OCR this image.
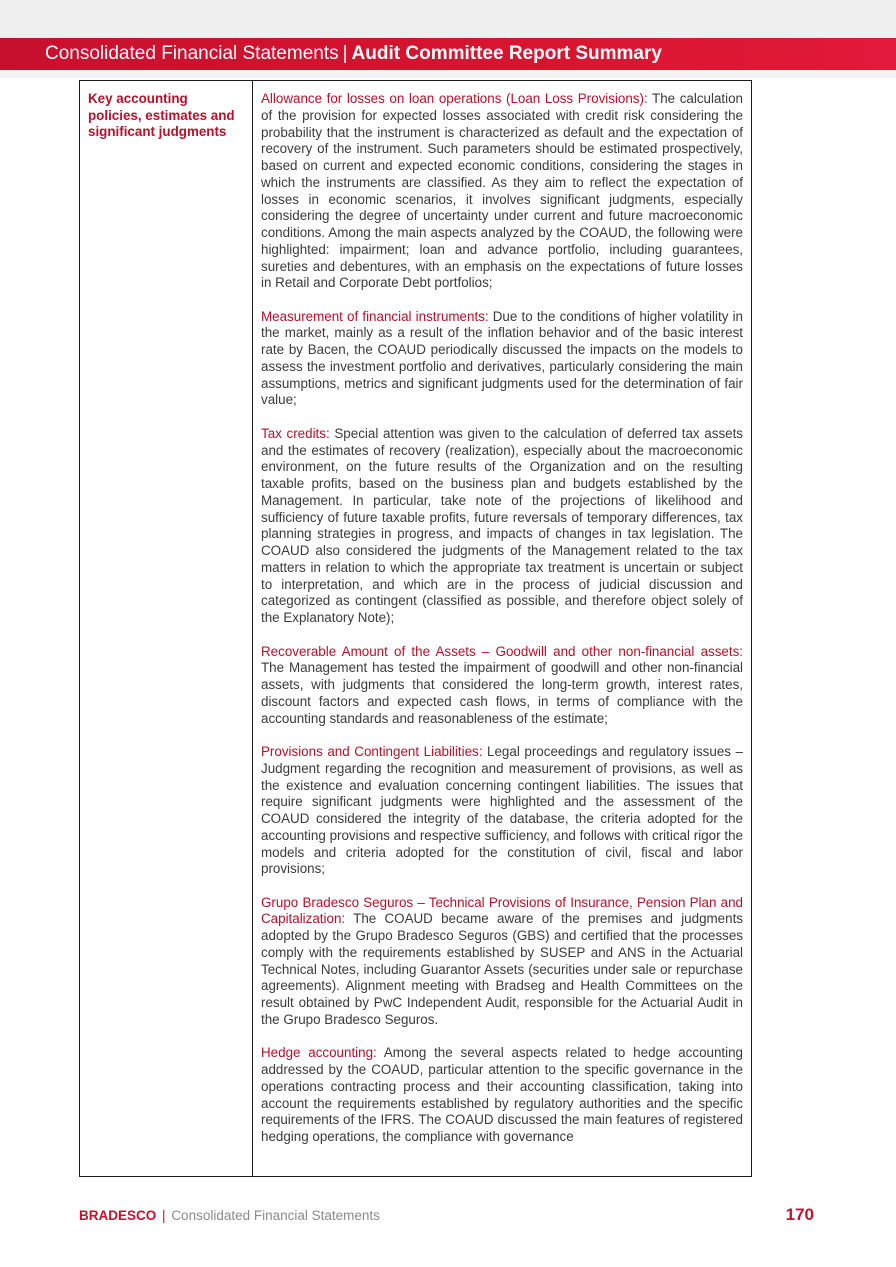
Consolidated Financial Statements | Audit Committee Report Summary
Key accounting policies, estimates and significant judgments

Allowance for losses on loan operations (Loan Loss Provisions): The calculation of the provision for expected losses associated with credit risk considering the probability that the instrument is characterized as default and the expectation of recovery of the instrument. Such parameters should be estimated prospectively, based on current and expected economic conditions, considering the stages in which the instruments are classified. As they aim to reflect the expectation of losses in economic scenarios, it involves significant judgments, especially considering the degree of uncertainty under current and future macroeconomic conditions. Among the main aspects analyzed by the COAUD, the following were highlighted: impairment; loan and advance portfolio, including guarantees, sureties and debentures, with an emphasis on the expectations of future losses in Retail and Corporate Debt portfolios;

Measurement of financial instruments: Due to the conditions of higher volatility in the market, mainly as a result of the inflation behavior and of the basic interest rate by Bacen, the COAUD periodically discussed the impacts on the models to assess the investment portfolio and derivatives, particularly considering the main assumptions, metrics and significant judgments used for the determination of fair value;

Tax credits: Special attention was given to the calculation of deferred tax assets and the estimates of recovery (realization), especially about the macroeconomic environment, on the future results of the Organization and on the resulting taxable profits, based on the business plan and budgets established by the Management. In particular, take note of the projections of likelihood and sufficiency of future taxable profits, future reversals of temporary differences, tax planning strategies in progress, and impacts of changes in tax legislation. The COAUD also considered the judgments of the Management related to the tax matters in relation to which the appropriate tax treatment is uncertain or subject to interpretation, and which are in the process of judicial discussion and categorized as contingent (classified as possible, and therefore object solely of the Explanatory Note);

Recoverable Amount of the Assets – Goodwill and other non-financial assets: The Management has tested the impairment of goodwill and other non-financial assets, with judgments that considered the long-term growth, interest rates, discount factors and expected cash flows, in terms of compliance with the accounting standards and reasonableness of the estimate;

Provisions and Contingent Liabilities: Legal proceedings and regulatory issues – Judgment regarding the recognition and measurement of provisions, as well as the existence and evaluation concerning contingent liabilities. The issues that require significant judgments were highlighted and the assessment of the COAUD considered the integrity of the database, the criteria adopted for the accounting provisions and respective sufficiency, and follows with critical rigor the models and criteria adopted for the constitution of civil, fiscal and labor provisions;

Grupo Bradesco Seguros – Technical Provisions of Insurance, Pension Plan and Capitalization: The COAUD became aware of the premises and judgments adopted by the Grupo Bradesco Seguros (GBS) and certified that the processes comply with the requirements established by SUSEP and ANS in the Actuarial Technical Notes, including Guarantor Assets (securities under sale or repurchase agreements). Alignment meeting with Bradseg and Health Committees on the result obtained by PwC Independent Audit, responsible for the Actuarial Audit in the Grupo Bradesco Seguros.

Hedge accounting: Among the several aspects related to hedge accounting addressed by the COAUD, particular attention to the specific governance in the operations contracting process and their accounting classification, taking into account the requirements established by regulatory authorities and the specific requirements of the IFRS. The COAUD discussed the main features of registered hedging operations, the compliance with governance

BRADESCO | Consolidated Financial Statements	170
